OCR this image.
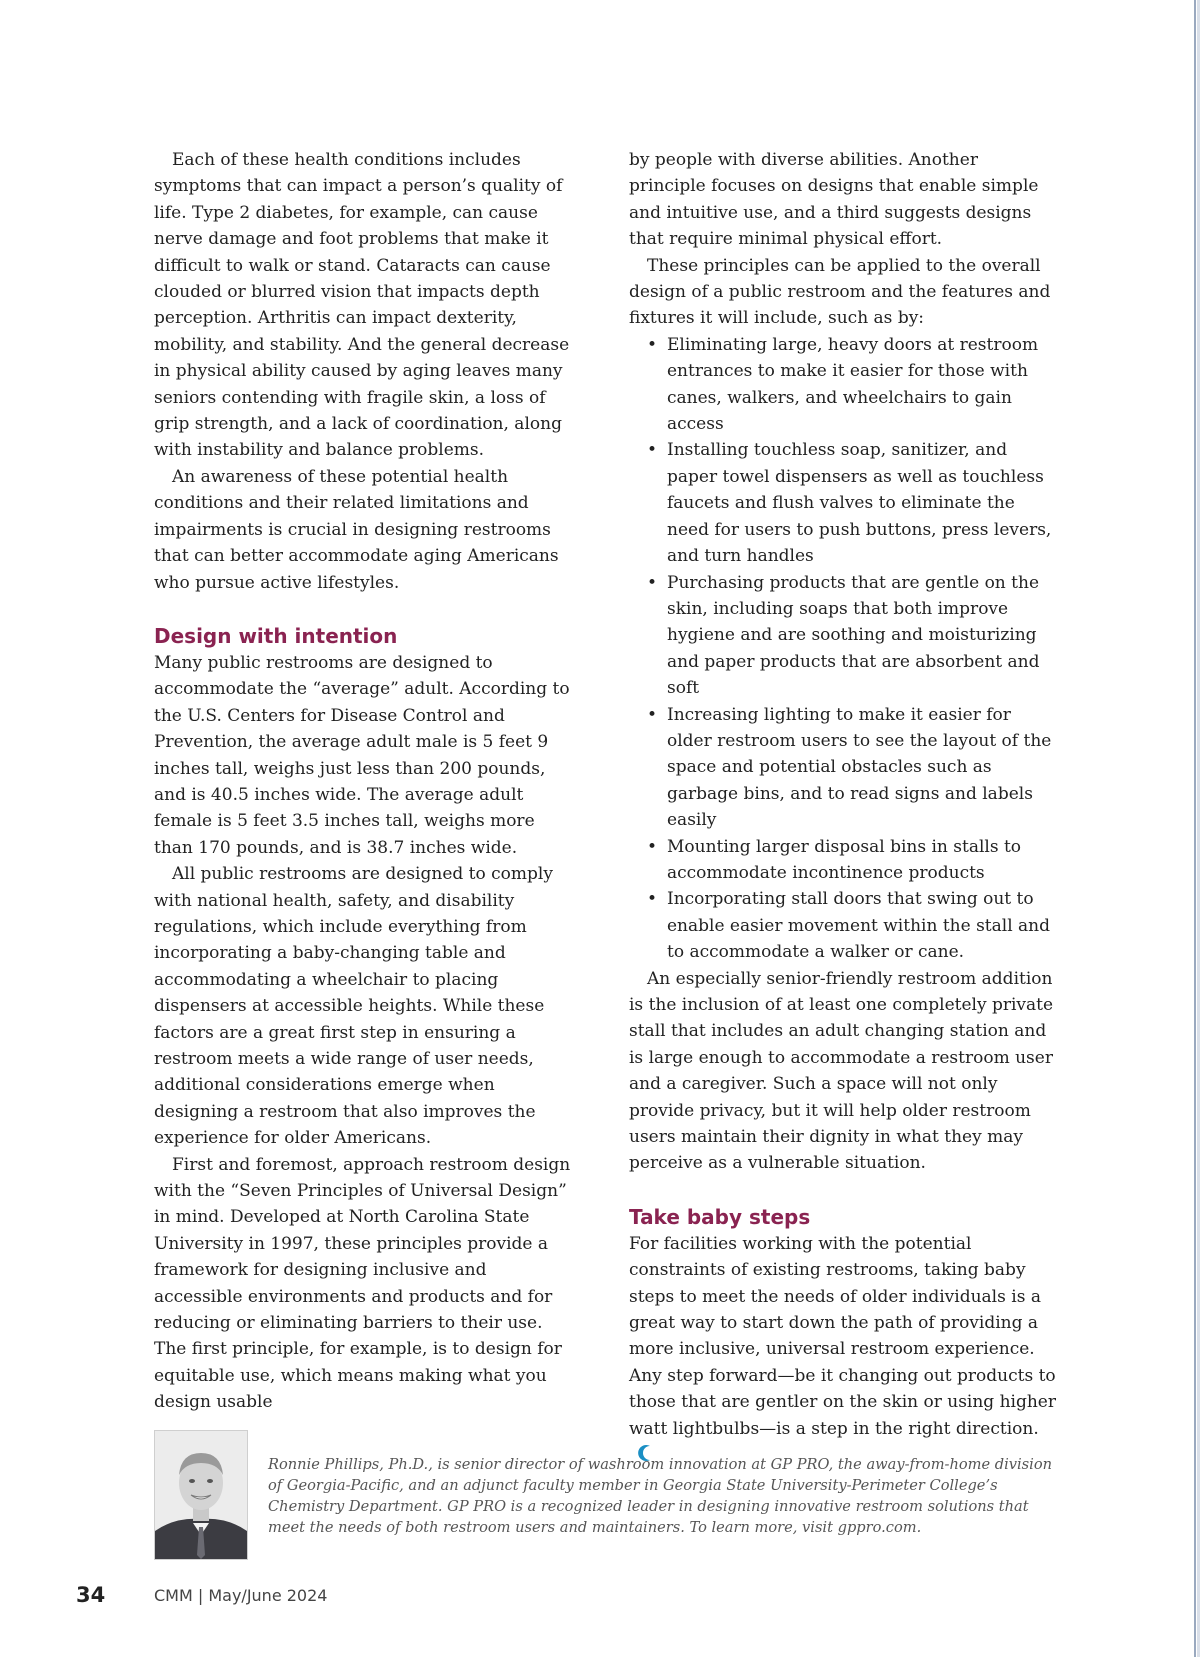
Each of these health conditions includes symptoms that can impact a person’s quality of life. Type 2 diabetes, for example, can cause nerve damage and foot problems that make it difficult to walk or stand. Cataracts can cause clouded or blurred vision that impacts depth perception. Arthritis can impact dexterity, mobility, and stability. And the general decrease in physical ability caused by aging leaves many seniors contending with fragile skin, a loss of grip strength, and a lack of coordination, along with instability and balance problems.

An awareness of these potential health conditions and their related limitations and impairments is crucial in designing restrooms that can better accommodate aging Americans who pursue active lifestyles.

Design with intention

Many public restrooms are designed to accommodate the “average” adult. According to the U.S. Centers for Disease Control and Prevention, the average adult male is 5 feet 9 inches tall, weighs just less than 200 pounds, and is 40.5 inches wide. The average adult female is 5 feet 3.5 inches tall, weighs more than 170 pounds, and is 38.7 inches wide.

All public restrooms are designed to comply with national health, safety, and disability regulations, which include everything from incorporating a baby-changing table and accommodating a wheelchair to placing dispensers at accessible heights. While these factors are a great first step in ensuring a restroom meets a wide range of user needs, additional considerations emerge when designing a restroom that also improves the experience for older Americans.

First and foremost, approach restroom design with the “Seven Principles of Universal Design” in mind. Developed at North Carolina State University in 1997, these principles provide a framework for designing inclusive and accessible environments and products and for reducing or eliminating barriers to their use. The first principle, for example, is to design for equitable use, which means making what you design usable

by people with diverse abilities. Another principle focuses on designs that enable simple and intuitive use, and a third suggests designs that require minimal physical effort.

These principles can be applied to the overall design of a public restroom and the features and fixtures it will include, such as by:

• Eliminating large, heavy doors at restroom entrances to make it easier for those with canes, walkers, and wheelchairs to gain access
• Installing touchless soap, sanitizer, and paper towel dispensers as well as touchless faucets and flush valves to eliminate the need for users to push buttons, press levers, and turn handles
• Purchasing products that are gentle on the skin, including soaps that both improve hygiene and are soothing and moisturizing and paper products that are absorbent and soft
• Increasing lighting to make it easier for older restroom users to see the layout of the space and potential obstacles such as garbage bins, and to read signs and labels easily
• Mounting larger disposal bins in stalls to accommodate incontinence products
• Incorporating stall doors that swing out to enable easier movement within the stall and to accommodate a walker or cane.

An especially senior-friendly restroom addition is the inclusion of at least one completely private stall that includes an adult changing station and is large enough to accommodate a restroom user and a caregiver. Such a space will not only provide privacy, but it will help older restroom users maintain their dignity in what they may perceive as a vulnerable situation.

Take baby steps

For facilities working with the potential constraints of existing restrooms, taking baby steps to meet the needs of older individuals is a great way to start down the path of providing a more inclusive, universal restroom experience. Any step forward—be it changing out products to those that are gentler on the skin or using higher watt lightbulbs—is a step in the right direction.

Ronnie Phillips, Ph.D., is senior director of washroom innovation at GP PRO, the away-from-home division of Georgia-Pacific, and an adjunct faculty member in Georgia State University-Perimeter College’s Chemistry Department. GP PRO is a recognized leader in designing innovative restroom solutions that meet the needs of both restroom users and maintainers. To learn more, visit gppro.com.
34	CMM | May/June 2024
